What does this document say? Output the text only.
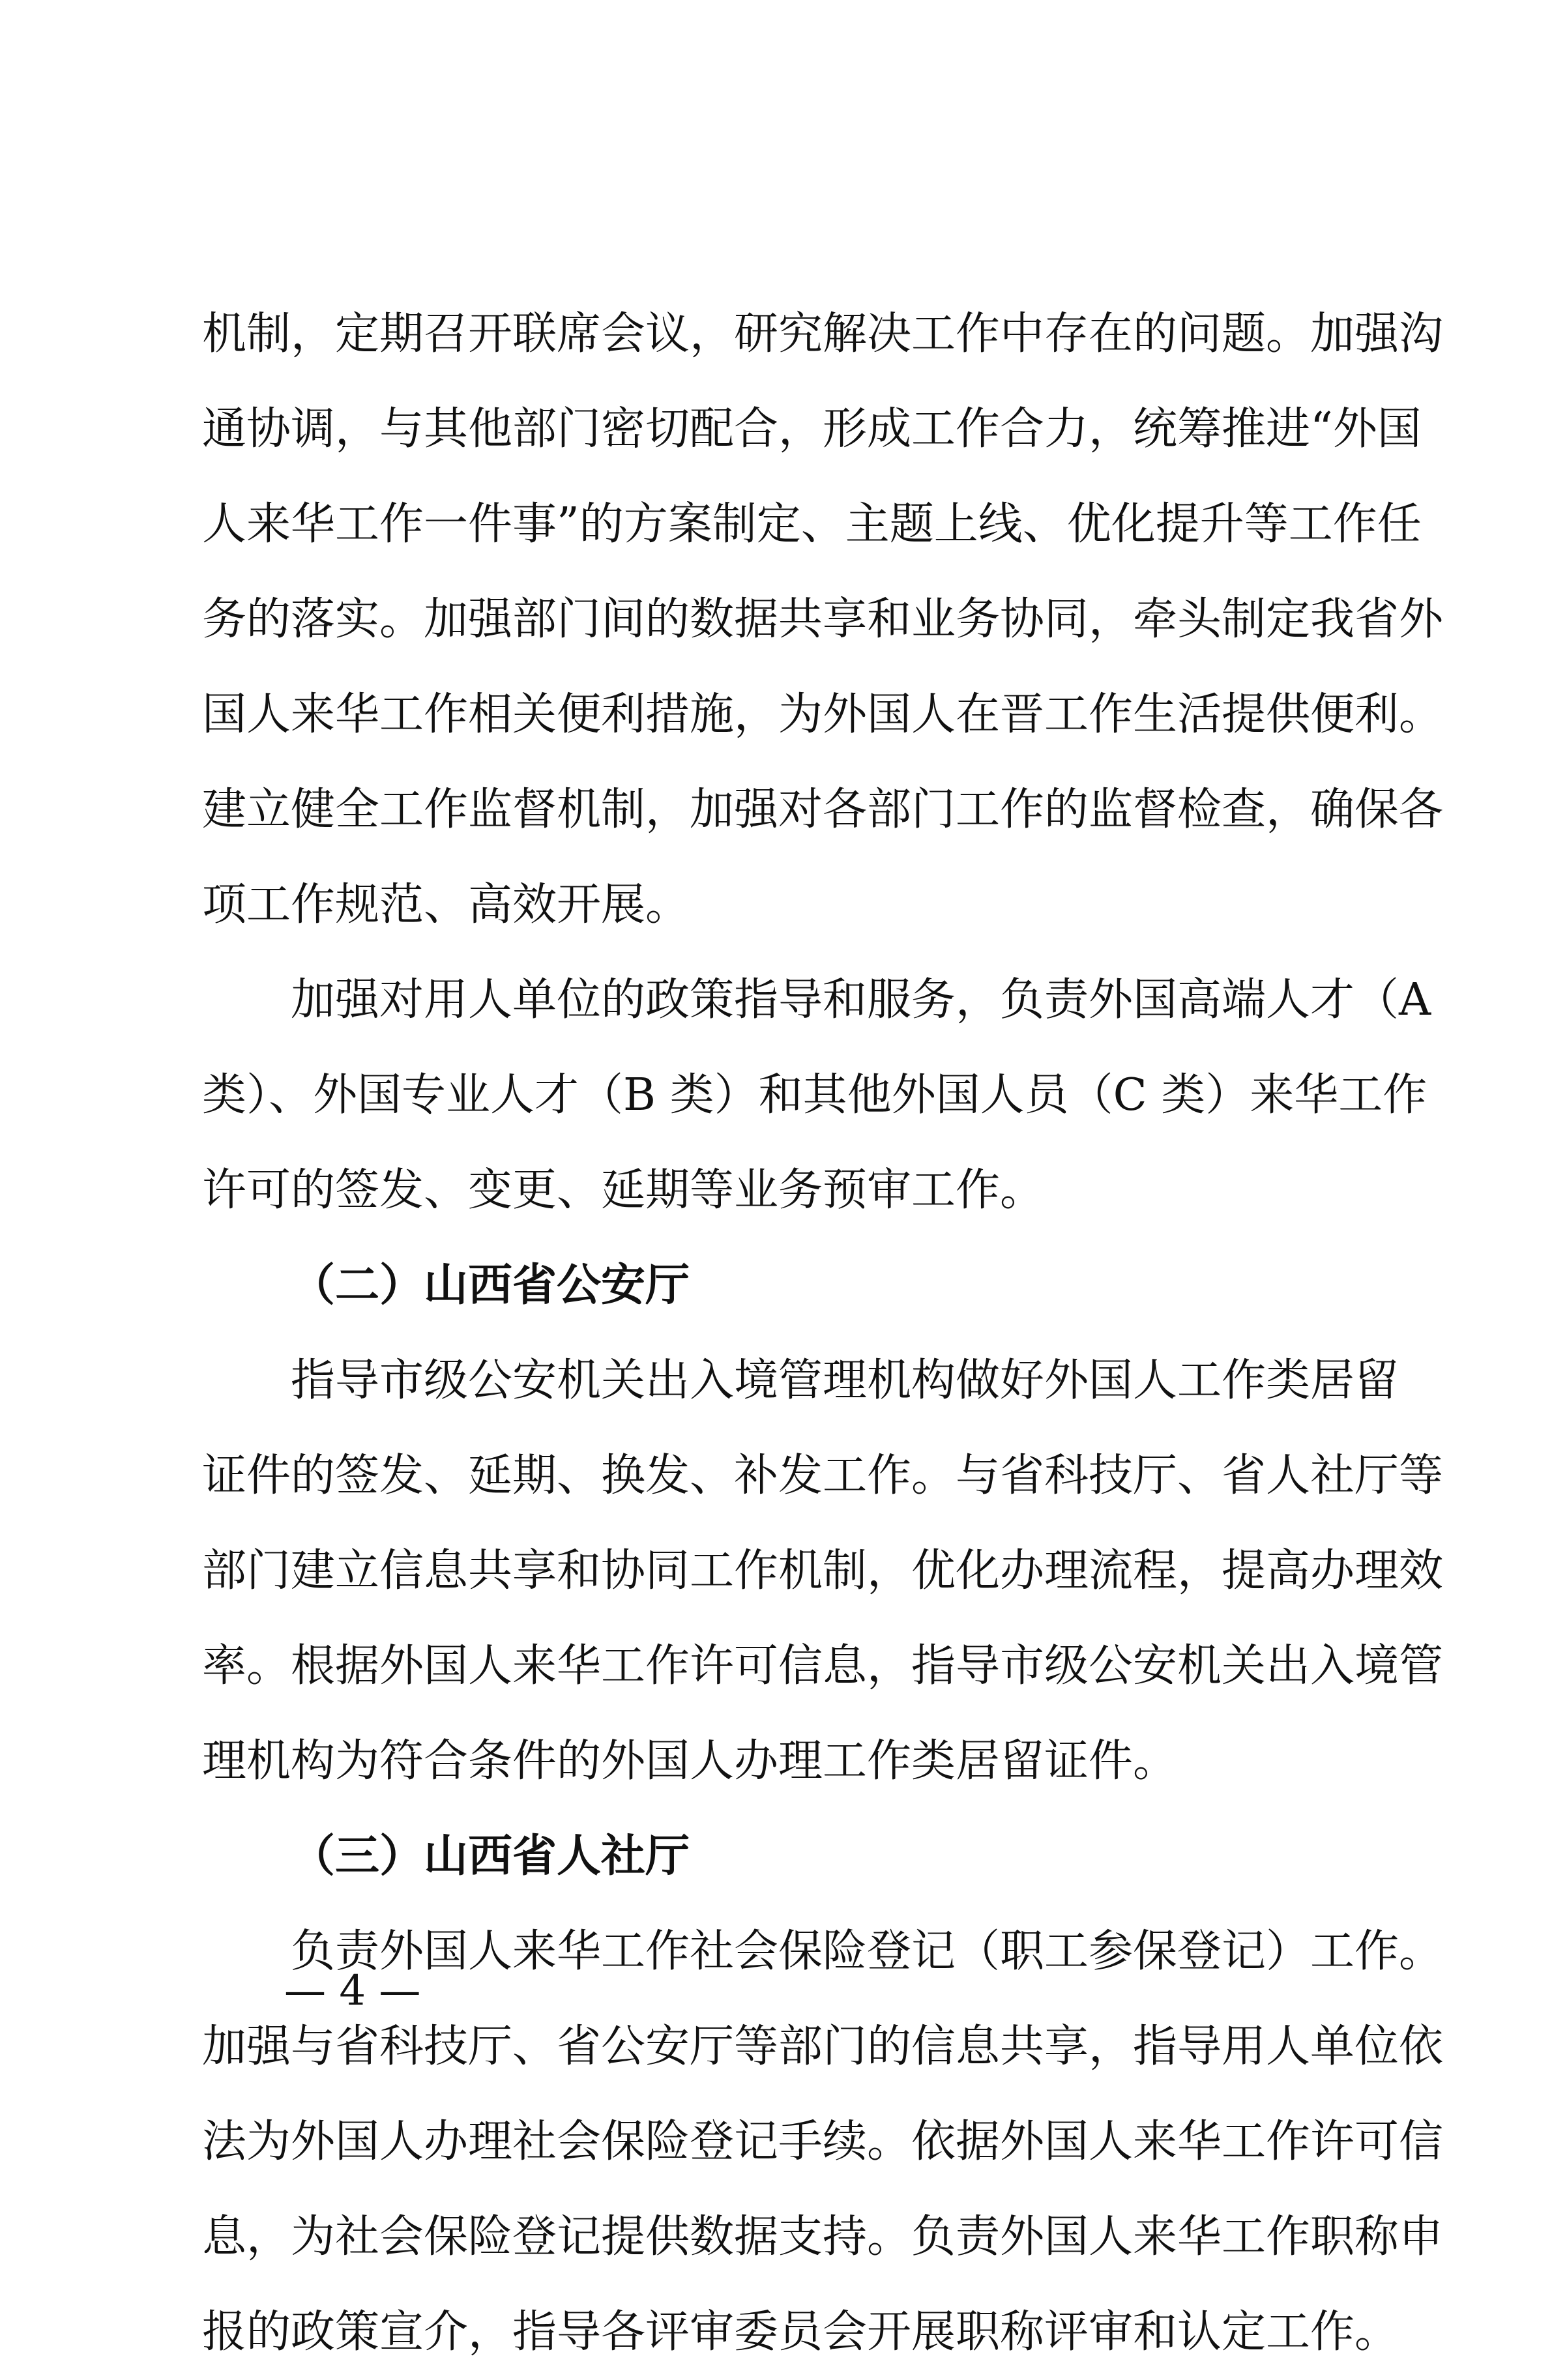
机制，定期召开联席会议，研究解决工作中存在的问题。加强沟
通协调，与其他部门密切配合，形成工作合力，统筹推进“外国
人来华工作一件事”的方案制定、主题上线、优化提升等工作任
务的落实。加强部门间的数据共享和业务协同，牵头制定我省外
国人来华工作相关便利措施，为外国人在晋工作生活提供便利。
建立健全工作监督机制，加强对各部门工作的监督检查，确保各
项工作规范、高效开展。
加强对用人单位的政策指导和服务，负责外国高端人才（A
类）、外国专业人才（B 类）和其他外国人员（C 类）来华工作
许可的签发、变更、延期等业务预审工作。
（二）山西省公安厅
指导市级公安机关出入境管理机构做好外国人工作类居留
证件的签发、延期、换发、补发工作。与省科技厅、省人社厅等
部门建立信息共享和协同工作机制，优化办理流程，提高办理效
率。根据外国人来华工作许可信息，指导市级公安机关出入境管
理机构为符合条件的外国人办理工作类居留证件。
（三）山西省人社厅
负责外国人来华工作社会保险登记（职工参保登记）工作。
加强与省科技厅、省公安厅等部门的信息共享，指导用人单位依
法为外国人办理社会保险登记手续。依据外国人来华工作许可信
息，为社会保险登记提供数据支持。负责外国人来华工作职称申
报的政策宣介，指导各评审委员会开展职称评审和认定工作。
— 4 —
